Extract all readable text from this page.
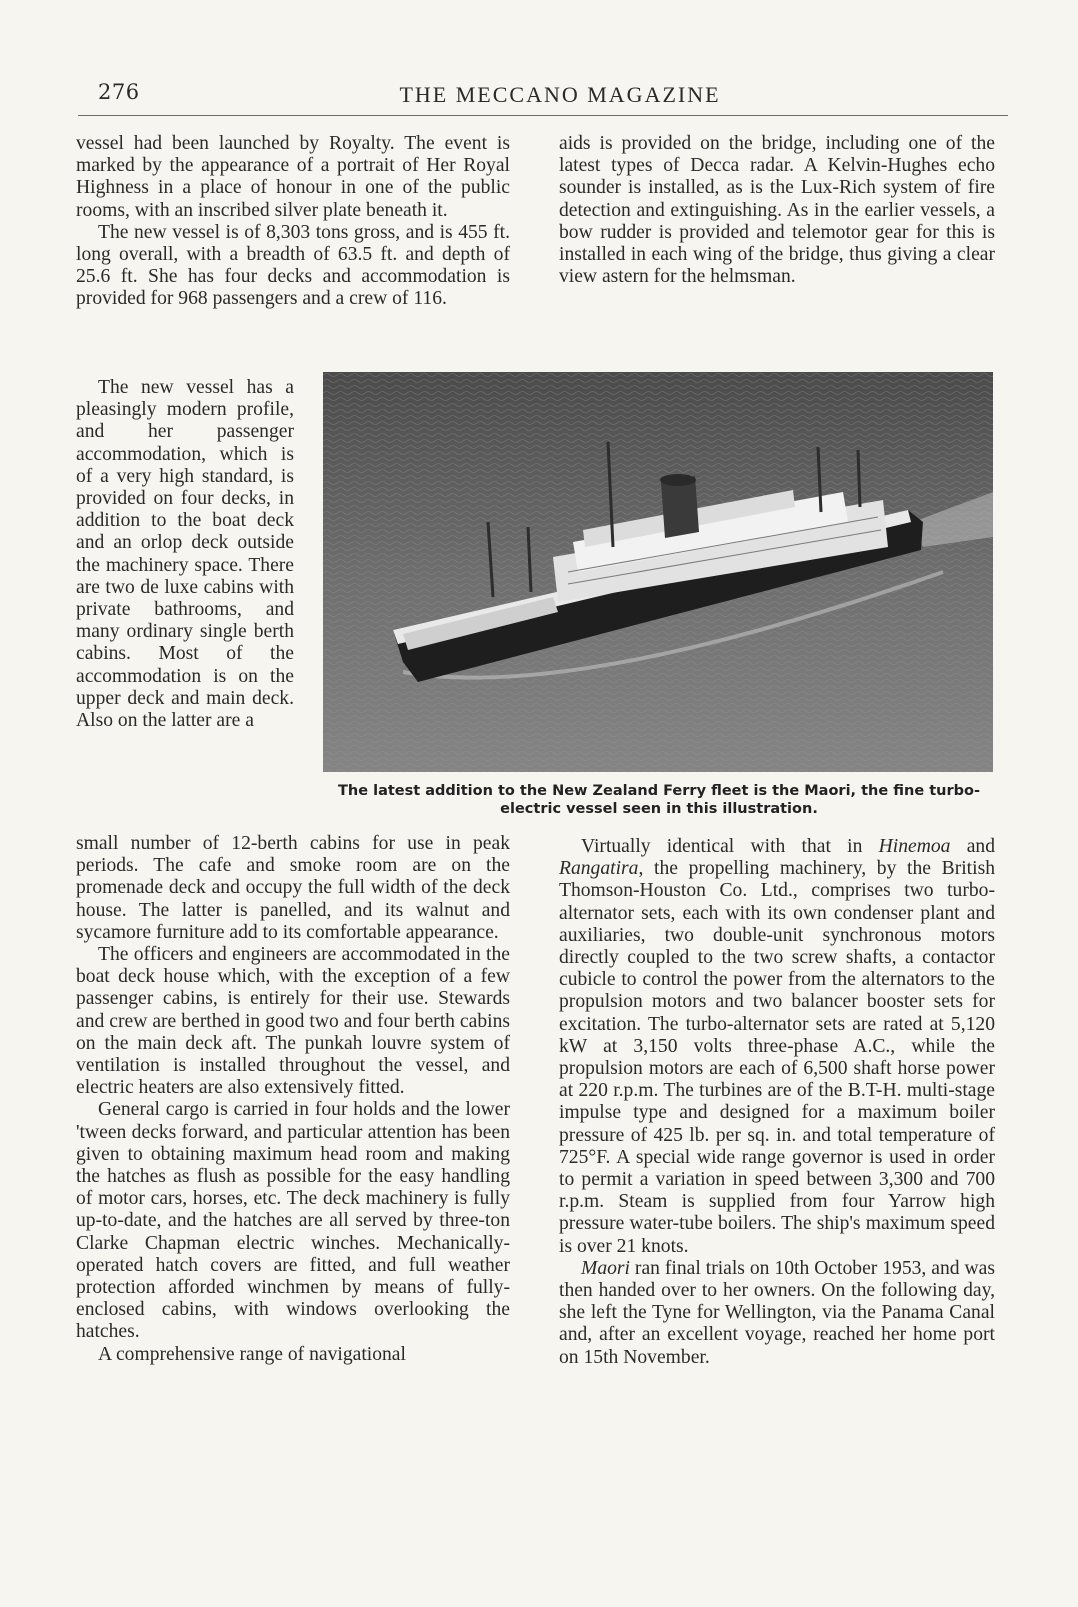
276	THE MECCANO MAGAZINE

vessel had been launched by Royalty. The event is marked by the appearance of a portrait of Her Royal Highness in a place of honour in one of the public rooms, with an inscribed silver plate beneath it.

The new vessel is of 8,303 tons gross, and is 455 ft. long overall, with a breadth of 63.5 ft. and depth of 25.6 ft. She has four decks and accommodation is provided for 968 passengers and a crew of 116.

The new vessel has a pleasingly modern profile, and her passenger accommodation, which is of a very high standard, is provided on four decks, in addition to the boat deck and an orlop deck outside the machinery space. There are two de luxe cabins with private bathrooms, and many ordinary single berth cabins. Most of the accommodation is on the upper deck and main deck. Also on the latter are a

small number of 12-berth cabins for use in peak periods. The cafe and smoke room are on the promenade deck and occupy the full width of the deck house. The latter is panelled, and its walnut and sycamore furniture add to its comfortable appearance.

The officers and engineers are accommodated in the boat deck house which, with the exception of a few passenger cabins, is entirely for their use. Stewards and crew are berthed in good two and four berth cabins on the main deck aft. The punkah louvre system of ventilation is installed throughout the vessel, and electric heaters are also extensively fitted.

General cargo is carried in four holds and the lower 'tween decks forward, and particular attention has been given to obtaining maximum head room and making the hatches as flush as possible for the easy handling of motor cars, horses, etc. The deck machinery is fully up-to-date, and the hatches are all served by three-ton Clarke Chapman electric winches. Mechanically-operated hatch covers are fitted, and full weather protection afforded winchmen by means of fully-enclosed cabins, with windows overlooking the hatches.

A comprehensive range of navigational

aids is provided on the bridge, including one of the latest types of Decca radar. A Kelvin-Hughes echo sounder is installed, as is the Lux-Rich system of fire detection and extinguishing. As in the earlier vessels, a bow rudder is provided and telemotor gear for this is installed in each wing of the bridge, thus giving a clear view astern for the helmsman.

The latest addition to the New Zealand Ferry fleet is the Maori, the fine turbo-
electric vessel seen in this illustration.

Virtually identical with that in Hinemoa and Rangatira, the propelling machinery, by the British Thomson-Houston Co. Ltd., comprises two turbo-alternator sets, each with its own condenser plant and auxiliaries, two double-unit synchronous motors directly coupled to the two screw shafts, a contactor cubicle to control the power from the alternators to the propulsion motors and two balancer booster sets for excitation. The turbo-alternator sets are rated at 5,120 kW at 3,150 volts three-phase A.C., while the propulsion motors are each of 6,500 shaft horse power at 220 r.p.m. The turbines are of the B.T-H. multi-stage impulse type and designed for a maximum boiler pressure of 425 lb. per sq. in. and total temperature of 725°F. A special wide range governor is used in order to permit a variation in speed between 3,300 and 700 r.p.m. Steam is supplied from four Yarrow high pressure water-tube boilers. The ship's maximum speed is over 21 knots.

Maori ran final trials on 10th October 1953, and was then handed over to her owners. On the following day, she left the Tyne for Wellington, via the Panama Canal and, after an excellent voyage, reached her home port on 15th November.
